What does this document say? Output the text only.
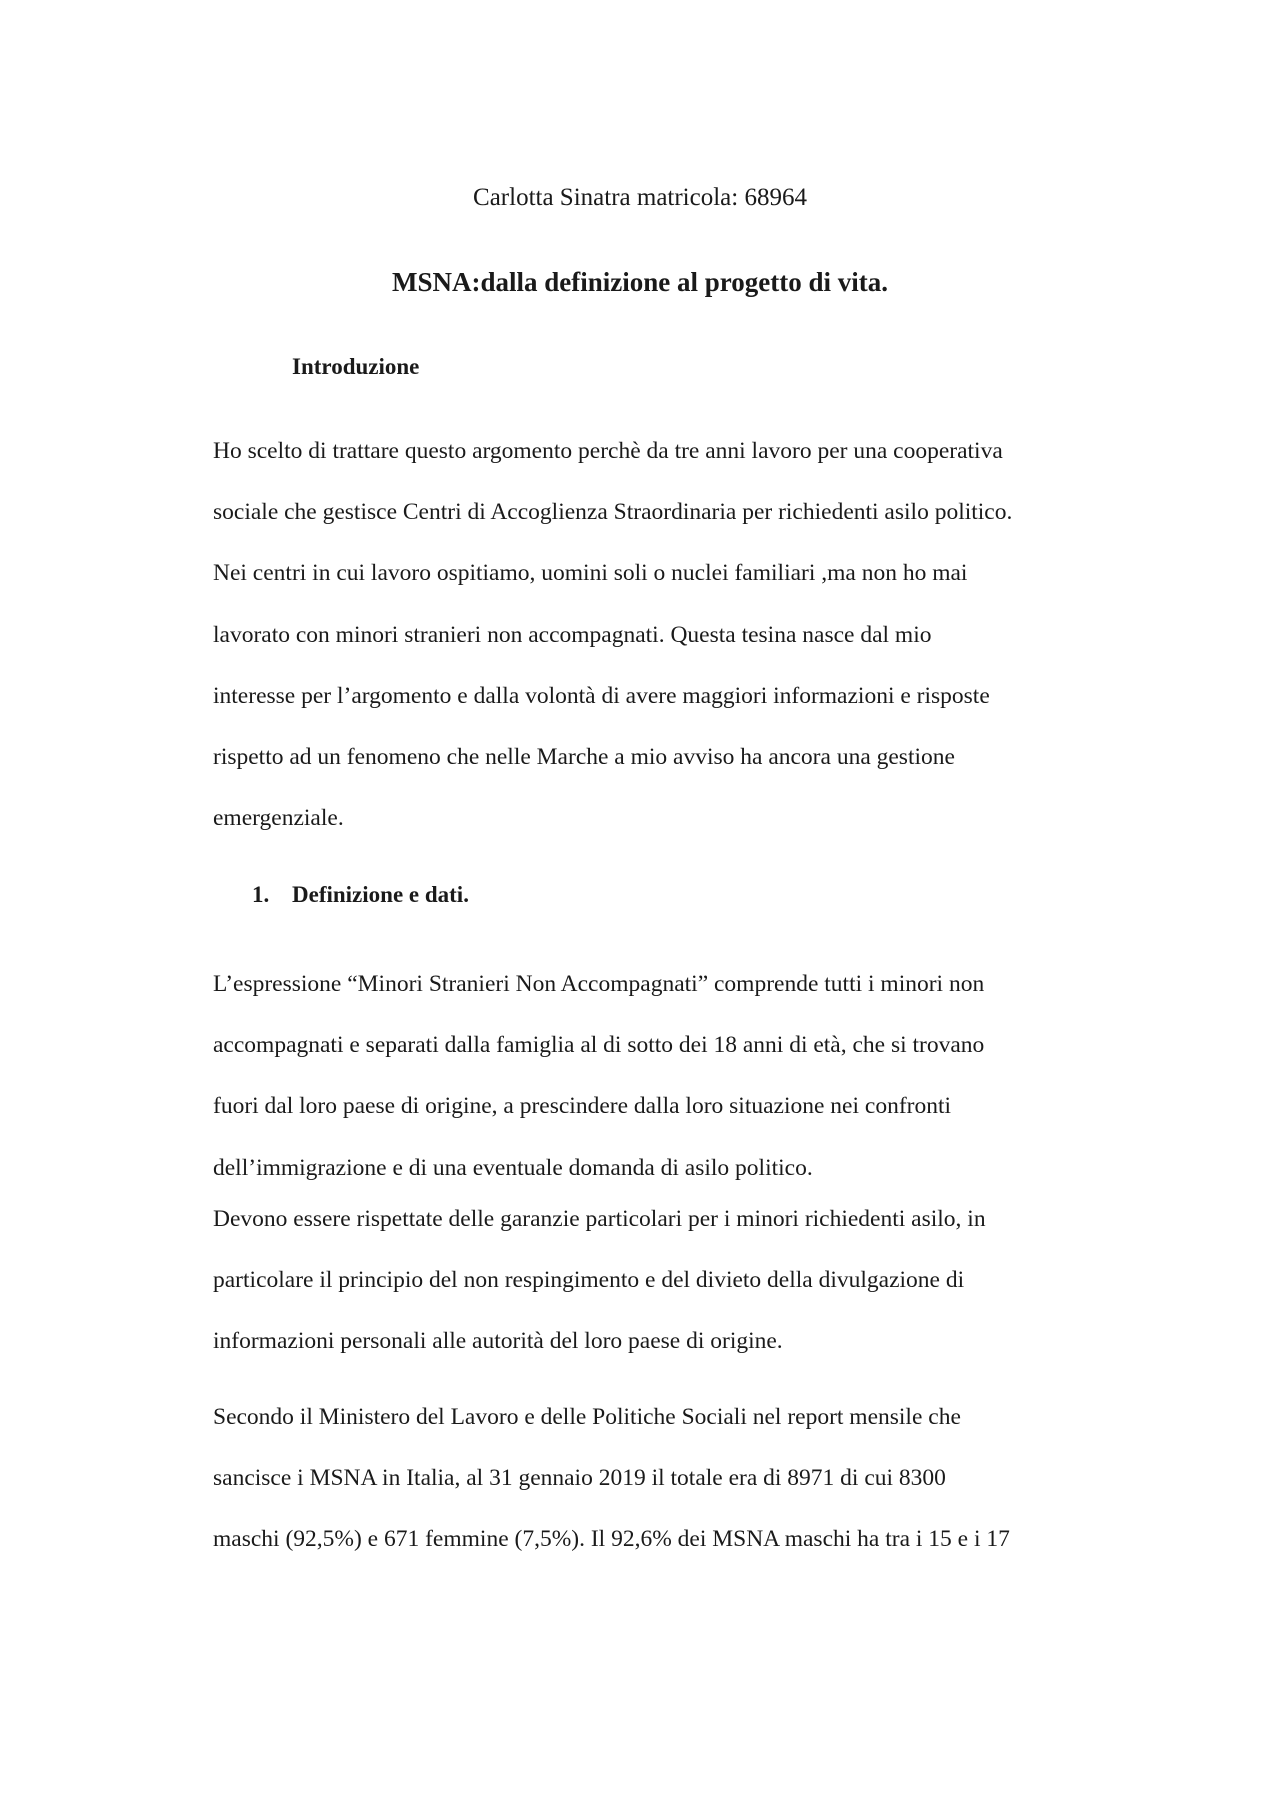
Carlotta Sinatra matricola: 68964

MSNA:dalla definizione al progetto di vita.
Introduzione

Ho scelto di trattare questo argomento perchè da tre anni lavoro per una cooperativa
sociale che gestisce Centri di Accoglienza Straordinaria per richiedenti asilo politico.
Nei centri in cui lavoro ospitiamo, uomini soli o nuclei familiari ,ma non ho mai
lavorato con minori stranieri non accompagnati. Questa tesina nasce dal mio
interesse per l’argomento e dalla volontà di avere maggiori informazioni e risposte
rispetto ad un fenomeno che nelle Marche a mio avviso ha ancora una gestione
emergenziale.

1. Definizione e dati.

L’espressione “Minori Stranieri Non Accompagnati” comprende tutti i minori non
accompagnati e separati dalla famiglia al di sotto dei 18 anni di età, che si trovano
fuori dal loro paese di origine, a prescindere dalla loro situazione nei confronti
dell’immigrazione e di una eventuale domanda di asilo politico.

Devono essere rispettate delle garanzie particolari per i minori richiedenti asilo, in
particolare il principio del non respingimento e del divieto della divulgazione di
informazioni personali alle autorità del loro paese di origine.

Secondo il Ministero del Lavoro e delle Politiche Sociali nel report mensile che
sancisce i MSNA in Italia, al 31 gennaio 2019 il totale era di 8971 di cui 8300
maschi (92,5%) e 671 femmine (7,5%). Il 92,6% dei MSNA maschi ha tra i 15 e i 17
